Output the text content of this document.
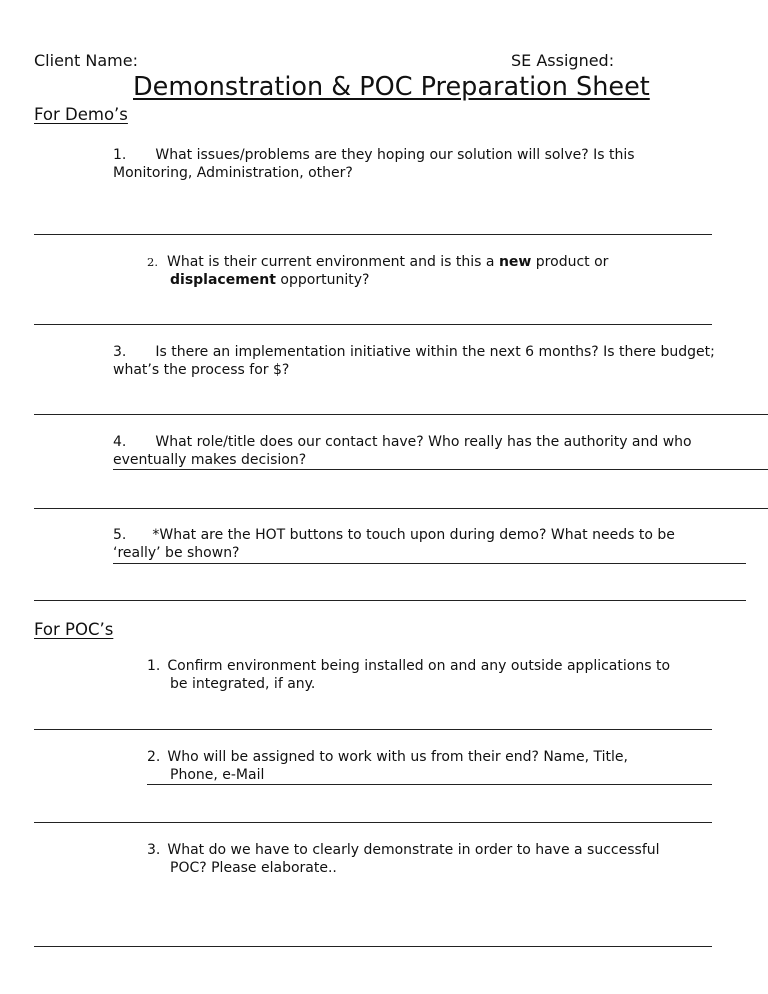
Client Name:	SE Assigned:
Demonstration & POC Preparation Sheet
For Demo’s
1. What issues/problems are they hoping our solution will solve? Is this
Monitoring, Administration, other?
2. What is their current environment and is this a new product or
displacement opportunity?
3. Is there an implementation initiative within the next 6 months? Is there budget;
what’s the process for $?
4. What role/title does our contact have? Who really has the authority and who
eventually makes decision?
5. *What are the HOT buttons to touch upon during demo? What needs to be
‘really’ be shown?
For POC’s
1. Confirm environment being installed on and any outside applications to
be integrated, if any.
2. Who will be assigned to work with us from their end? Name, Title,
Phone, e-Mail
3. What do we have to clearly demonstrate in order to have a successful
POC? Please elaborate..
